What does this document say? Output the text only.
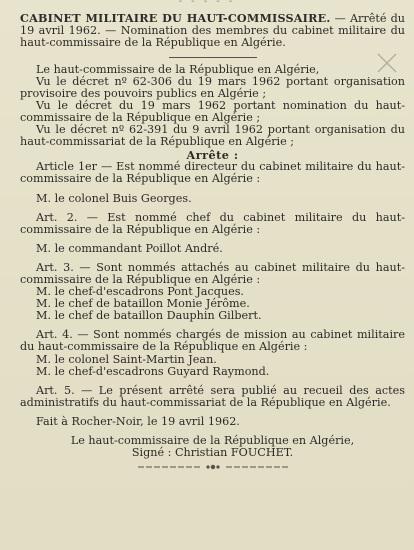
- - - - -
CABINET MILITAIRE DU HAUT-COMMISSAIRE. — Arrêté du 19 avril 1962. — Nomination des membres du cabinet militaire du haut-commissaire de la République en Algérie.

Le haut-commissaire de la République en Algérie,

Vu le décret nº 62-306 du 19 mars 1962 portant organisation provisoire des pouvoirs publics en Algérie ;

Vu le décret du 19 mars 1962 portant nomination du haut-commissaire de la République en Algérie ;

Vu le décret nº 62-391 du 9 avril 1962 portant organisation du haut-commissariat de la République en Algérie ;

Arrête :

Article 1er — Est nommé directeur du cabinet militaire du haut-commissaire de la République en Algérie :

M. le colonel Buis Georges.

Art. 2. — Est nommé chef du cabinet militaire du haut-commissaire de la République en Algérie :

M. le commandant Poillot André.

Art. 3. — Sont nommés attachés au cabinet militaire du haut-commissaire de la République en Algérie :

M. le chef-d'escadrons Pont Jacques.

M. le chef de bataillon Monie Jérôme.

M. le chef de bataillon Dauphin Gilbert.

Art. 4. — Sont nommés chargés de mission au cabinet militaire du haut-commissaire de la République en Algérie :

M. le colonel Saint-Martin Jean.

M. le chef-d'escadrons Guyard Raymond.

Art. 5. — Le présent arrêté sera publié au recueil des actes administratifs du haut-commissariat de la République en Algérie.

Fait à Rocher-Noir, le 19 avril 1962.

Le haut-commissaire de la République en Algérie,

Signé : Christian FOUCHET.
